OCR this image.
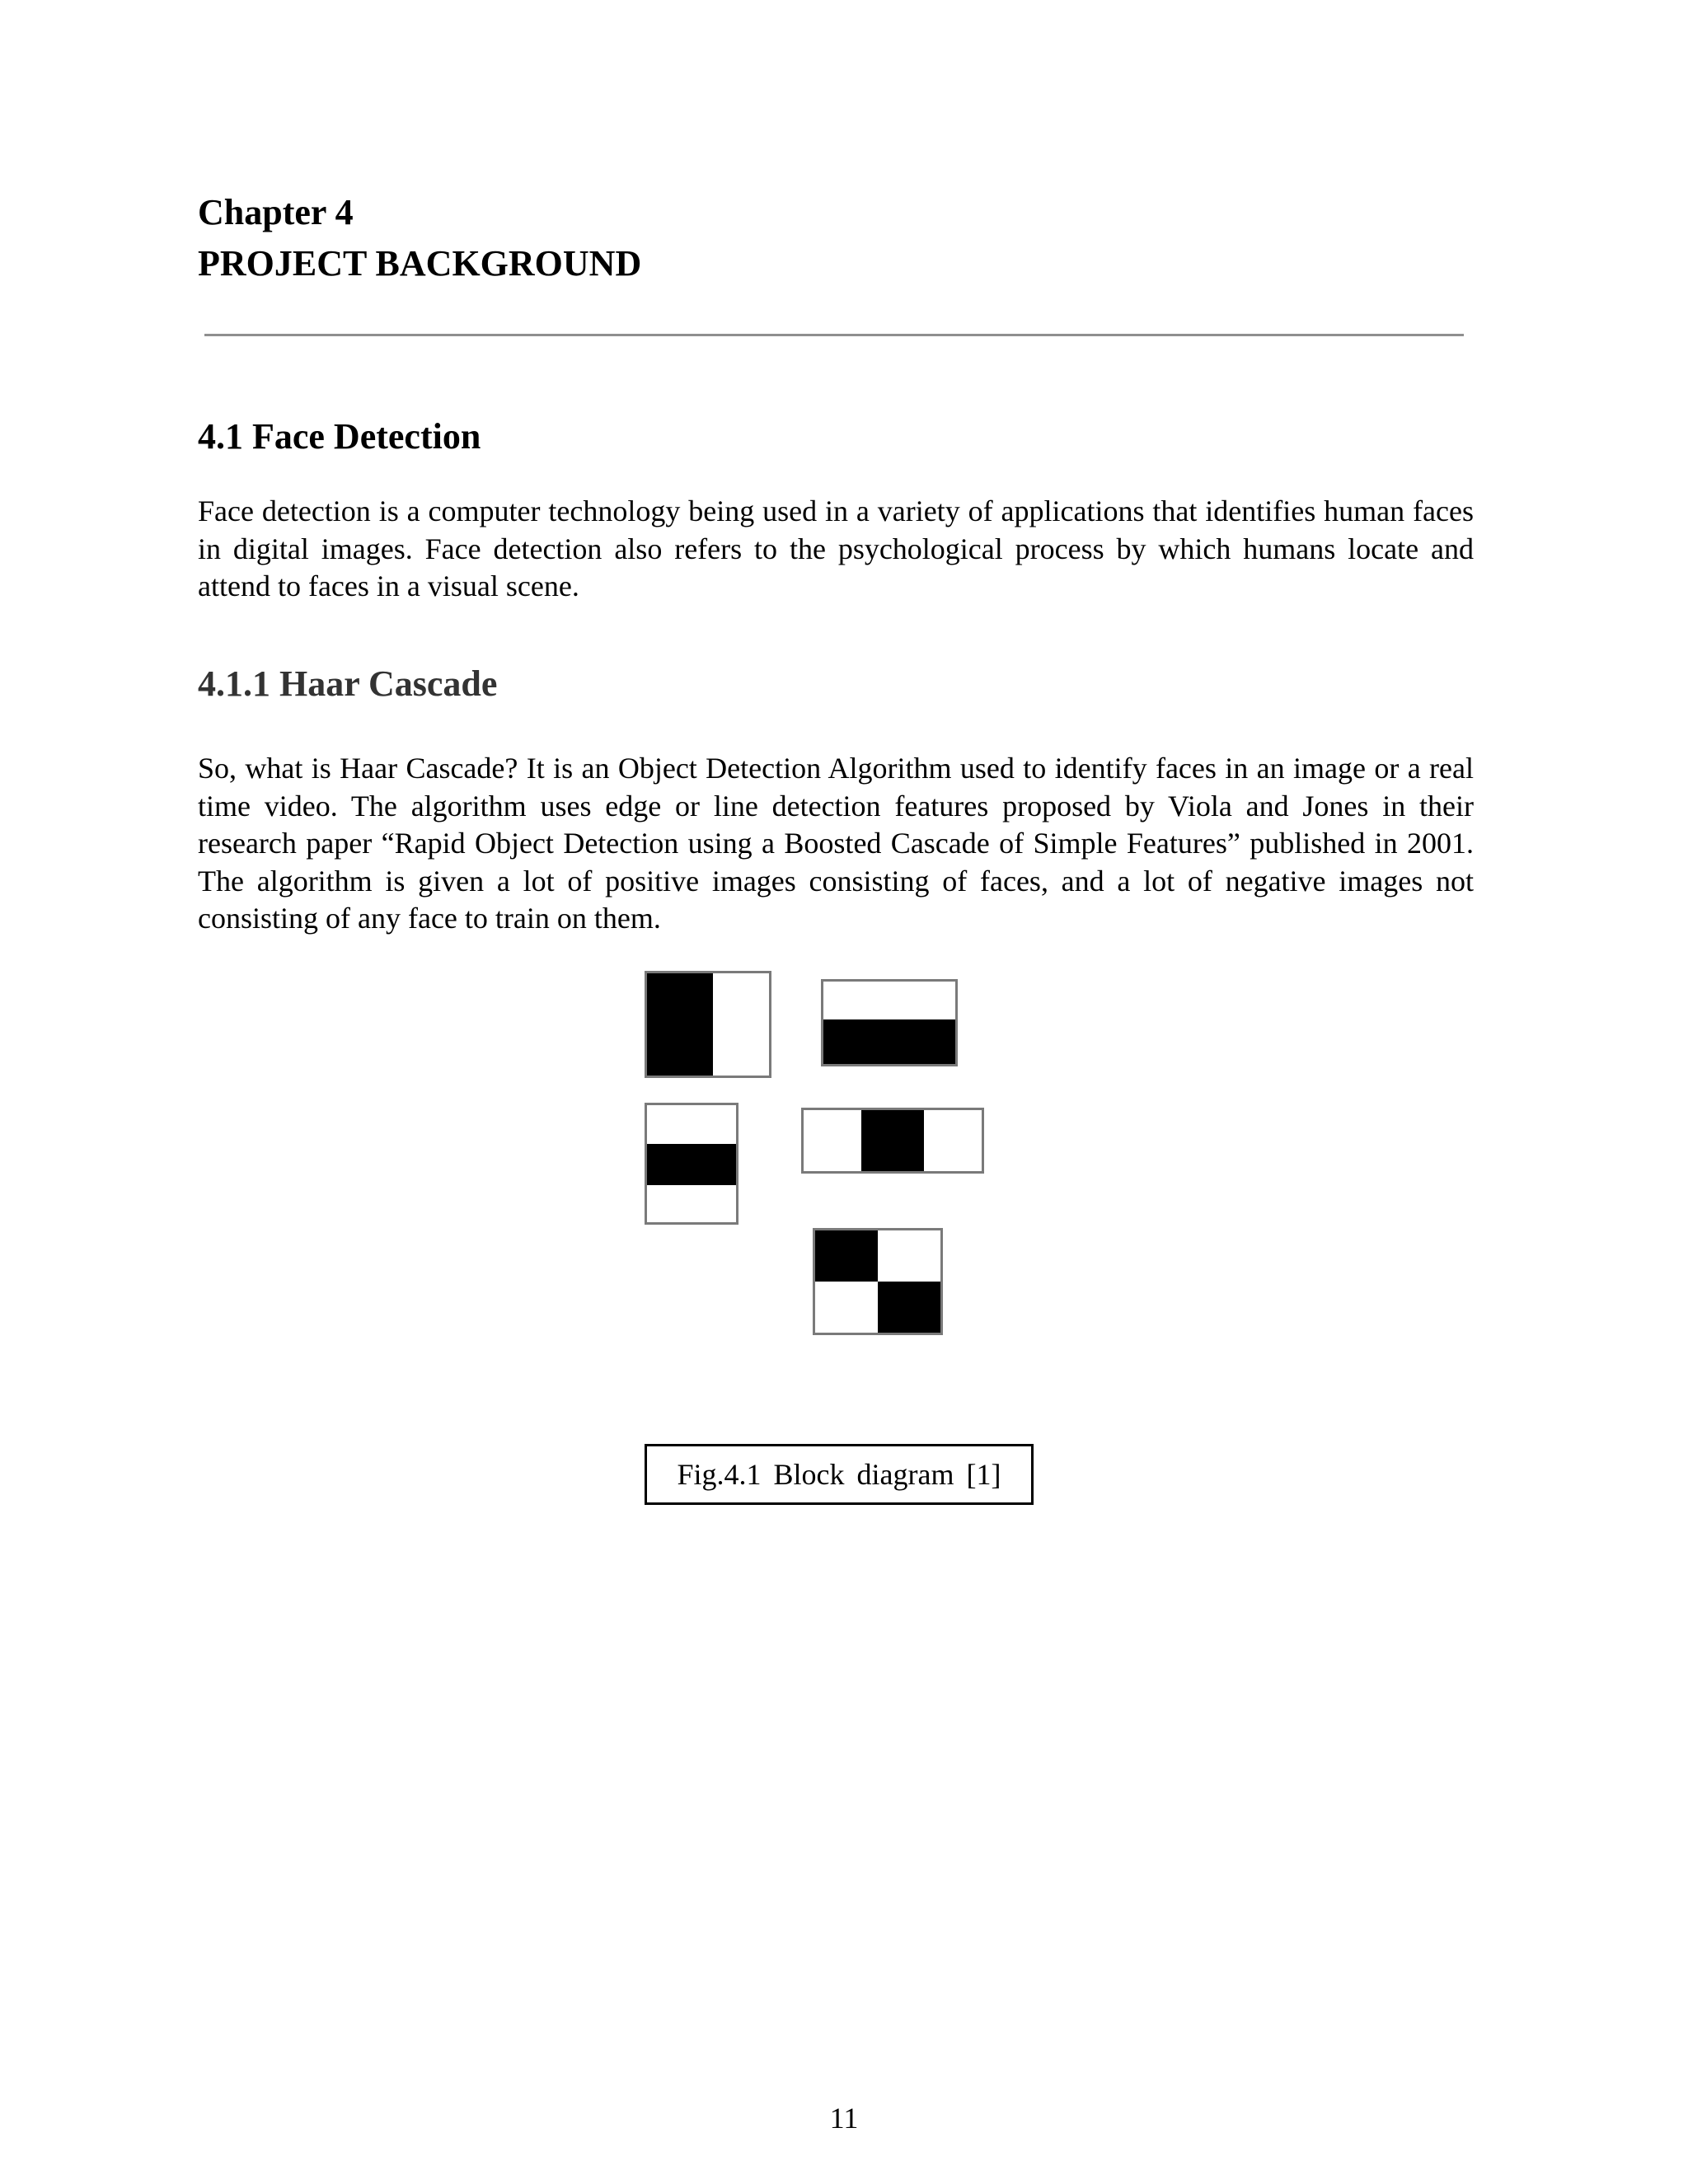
Chapter 4
PROJECT BACKGROUND
4.1 Face Detection

Face detection is a computer technology being used in a variety of applications that identifies human faces in digital images. Face detection also refers to the psychological process by which humans locate and attend to faces in a visual scene.

4.1.1 Haar Cascade

So, what is Haar Cascade? It is an Object Detection Algorithm used to identify faces in an image or a real time video. The algorithm uses edge or line detection features proposed by Viola and Jones in their research paper “Rapid Object Detection using a Boosted Cascade of Simple Features” published in 2001. The algorithm is given a lot of positive images consisting of faces, and a lot of negative images not consisting of any face to train on them.

Fig.4.1 Block diagram [1]
11
